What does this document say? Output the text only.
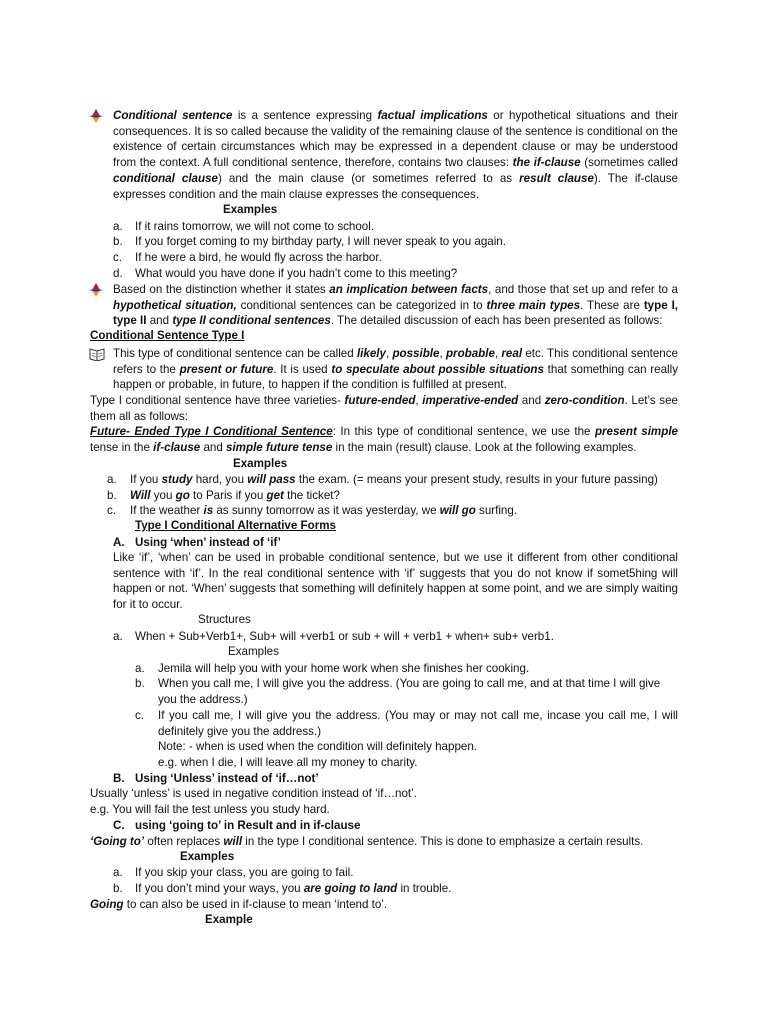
Conditional sentence is a sentence expressing factual implications or hypothetical situations and their consequences. It is so called because the validity of the remaining clause of the sentence is conditional on the existence of certain circumstances which may be expressed in a dependent clause or may be understood from the context. A full conditional sentence, therefore, contains two clauses: the if-clause (sometimes called conditional clause) and the main clause (or sometimes referred to as result clause). The if-clause expresses condition and the main clause expresses the consequences.
Examples
a. If it rains tomorrow, we will not come to school.
b. If you forget coming to my birthday party, I will never speak to you again.
c. If he were a bird, he would fly across the harbor.
d. What would you have done if you hadn’t come to this meeting?
Based on the distinction whether it states an implication between facts, and those that set up and refer to a hypothetical situation, conditional sentences can be categorized in to three main types. These are type I, type II and type II conditional sentences. The detailed discussion of each has been presented as follows:
Conditional Sentence Type I
This type of conditional sentence can be called likely, possible, probable, real etc. This conditional sentence refers to the present or future. It is used to speculate about possible situations that something can really happen or probable, in future, to happen if the condition is fulfilled at present.
Type I conditional sentence have three varieties- future-ended, imperative-ended and zero-condition. Let’s see them all as follows:
Future- Ended Type I Conditional Sentence: In this type of conditional sentence, we use the present simple tense in the if-clause and simple future tense in the main (result) clause. Look at the following examples.
Examples
a. If you study hard, you will pass the exam. (= means your present study, results in your future passing)
b. Will you go to Paris if you get the ticket?
c. If the weather is as sunny tomorrow as it was yesterday, we will go surfing.
Type I Conditional Alternative Forms
A. Using ‘when’ instead of ‘if’
Like ‘if’, ‘when’ can be used in probable conditional sentence, but we use it different from other conditional sentence with ‘if’. In the real conditional sentence with ‘if’ suggests that you do not know if somet5hing will happen or not. ‘When’ suggests that something will definitely happen at some point, and we are simply waiting for it to occur.
Structures
a. When + Sub+Verb1+, Sub+ will +verb1 or sub + will + verb1 + when+ sub+ verb1.
Examples
a. Jemila will help you with your home work when she finishes her cooking.
b. When you call me, I will give you the address. (You are going to call me, and at that time I will give you the address.)
c. If you call me, I will give you the address. (You may or may not call me, incase you call me, I will definitely give you the address.)
Note: - when is used when the condition will definitely happen.
e.g. when I die, I will leave all my money to charity.
B. Using ‘Unless’ instead of ‘if…not’
Usually ‘unless’ is used in negative condition instead of ‘if…not’.
e.g. You will fail the test unless you study hard.
C. using ‘going to’ in Result and in if-clause
‘Going to’ often replaces will in the type I conditional sentence. This is done to emphasize a certain results.
Examples
a. If you skip your class, you are going to fail.
b. If you don’t mind your ways, you are going to land in trouble.
Going to can also be used in if-clause to mean ‘intend to’.
Example
